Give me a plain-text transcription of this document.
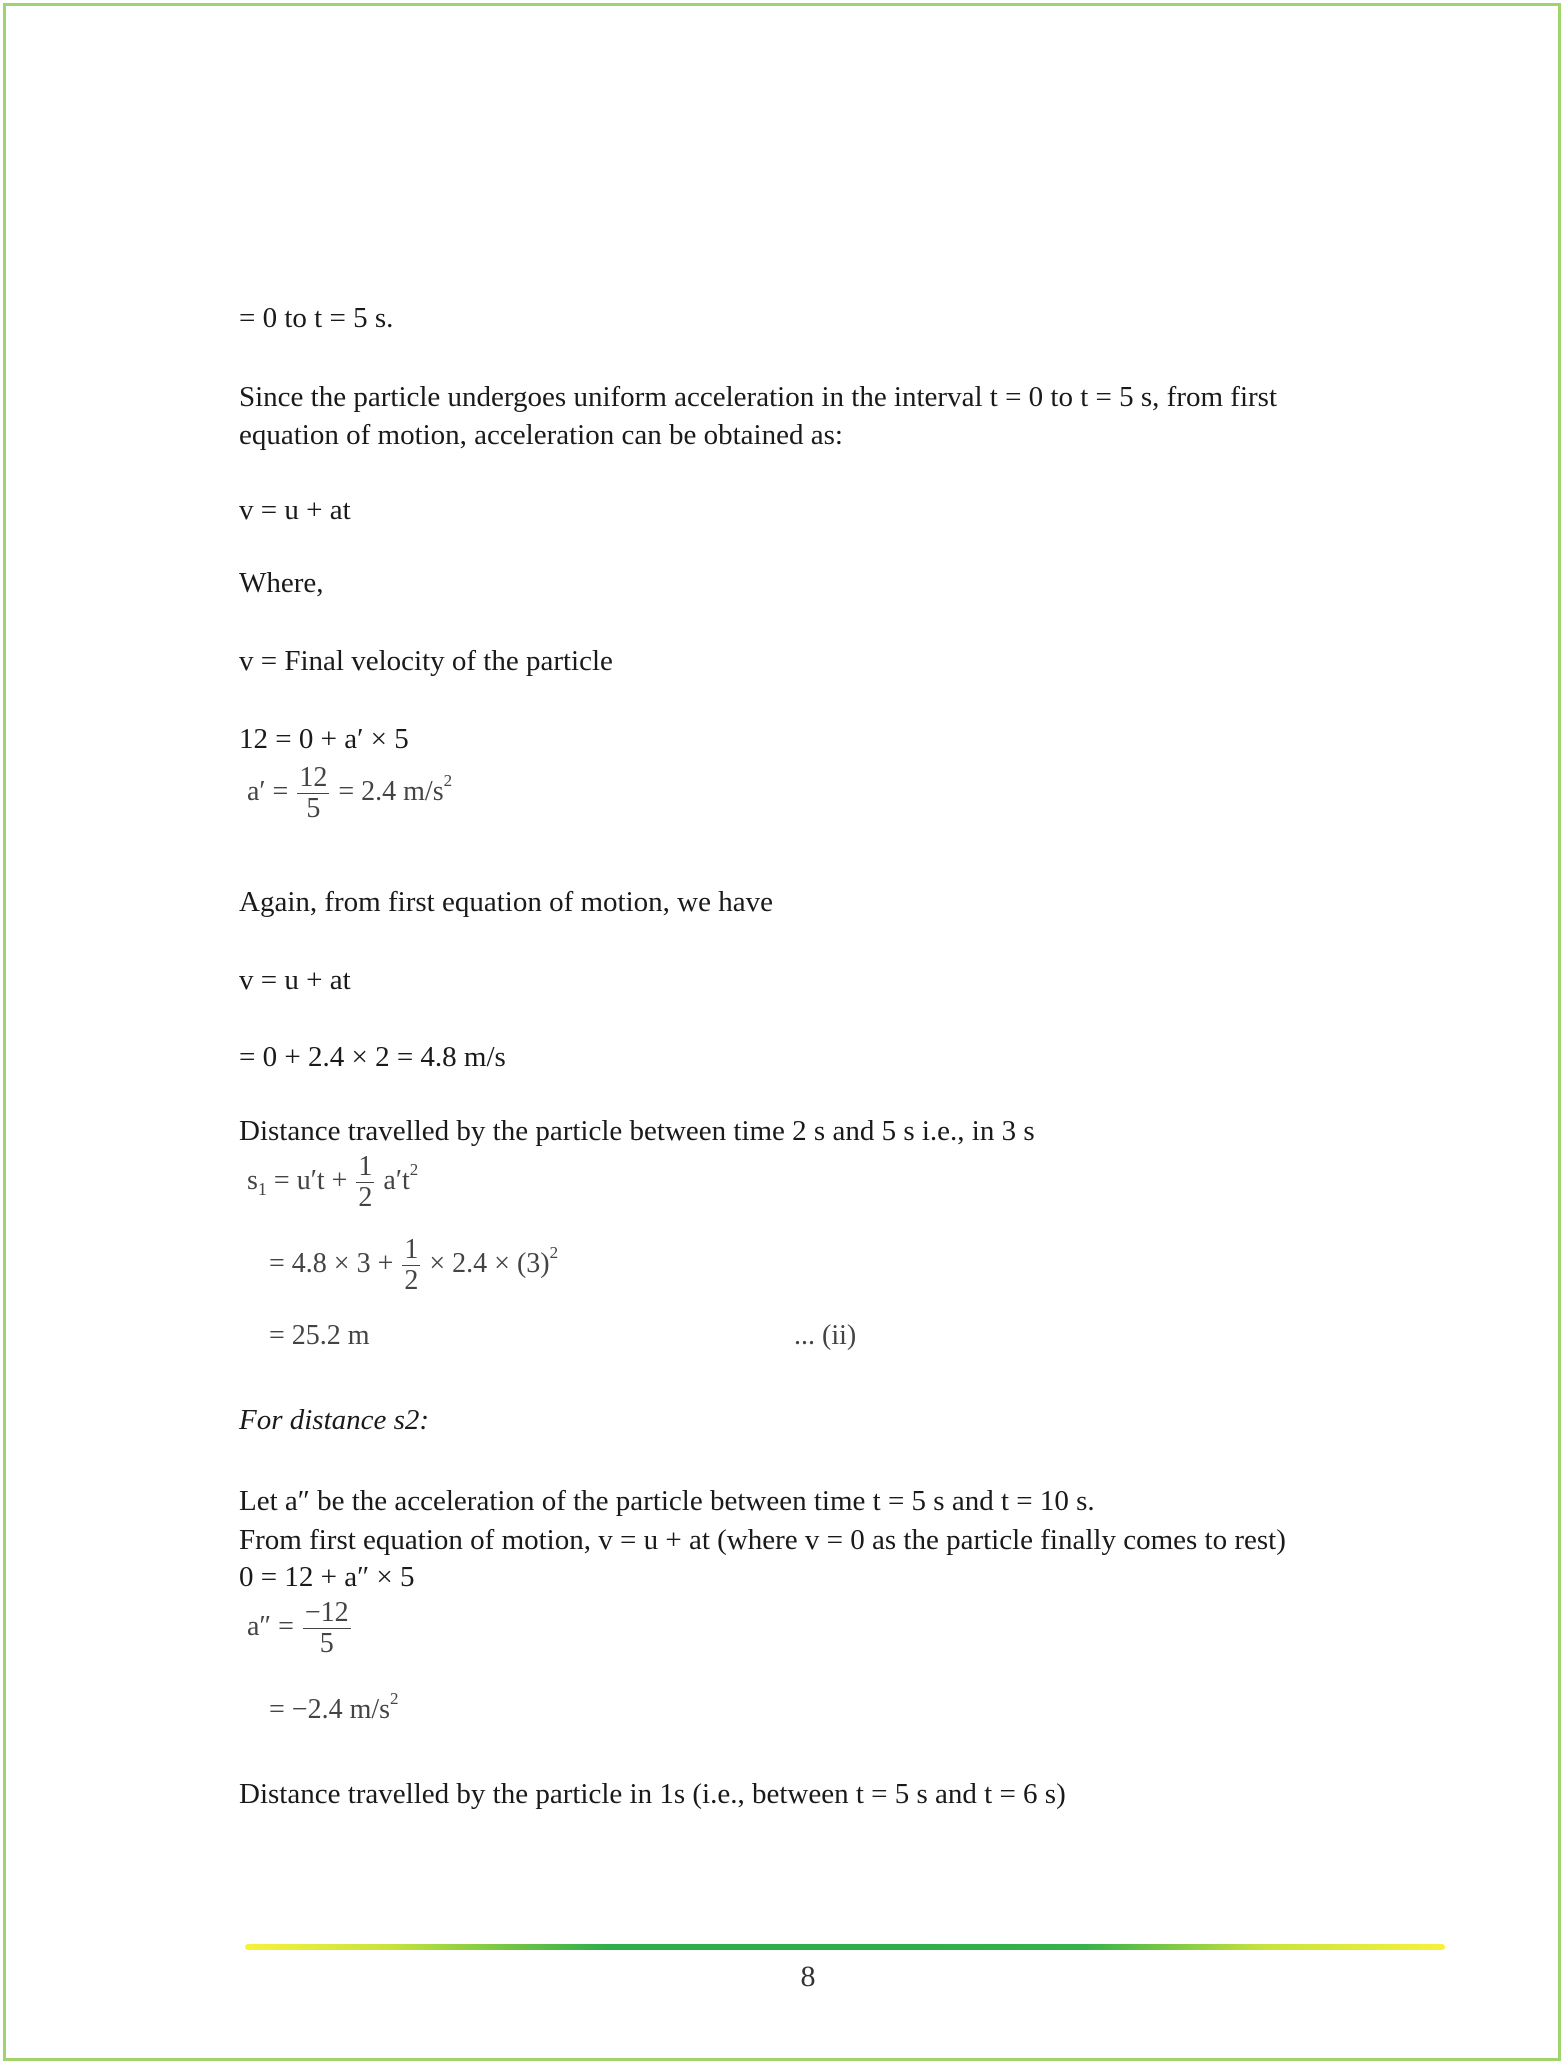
= 0 to t = 5 s.
Since the particle undergoes uniform acceleration in the interval t = 0 to t = 5 s, from first
equation of motion, acceleration can be obtained as:
v = u + at
Where,
v = Final velocity of the particle
12 = 0 + a′ × 5
$a' = \frac{12}{5} = 2.4$ $m/s^2$
Again, from first equation of motion, we have
v = u + at
= 0 + 2.4 × 2 = 4.8 m/s
Distance travelled by the particle between time 2 s and 5 s i.e., in 3 s
$s_1 = u't + \frac{1}{2} a't^2$
= $4.8 \times 3 + \frac{1}{2} \times 2.4 \times (3)^2$
= 25.2 m	... (ii)
For distance s2:
Let a″ be the acceleration of the particle between time t = 5 s and t = 10 s.
From first equation of motion, v = u + at (where v = 0 as the particle finally comes to rest)
0 = 12 + a″ × 5
$a'' = \frac{-12}{5}$
= −2.4 $m/s^2$
Distance travelled by the particle in 1s (i.e., between t = 5 s and t = 6 s)
8
